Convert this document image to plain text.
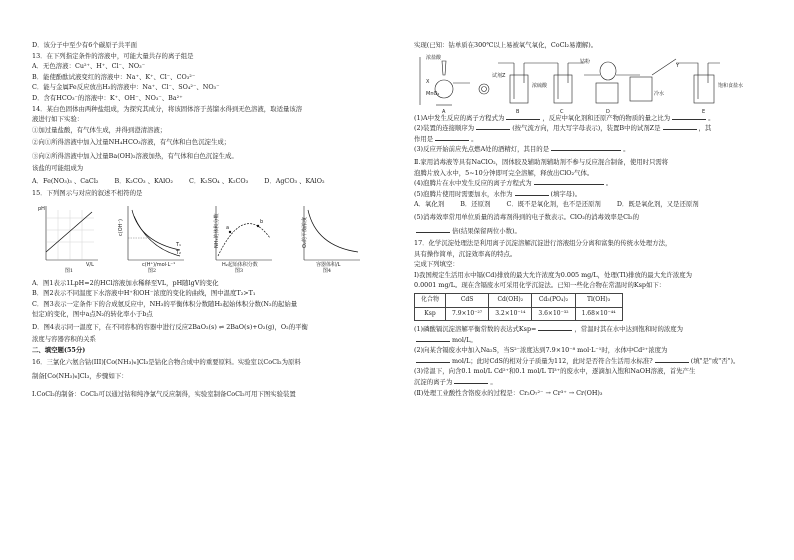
D．该分子中至少有6个碳原子共平面
13．在下列指定条件的溶液中，可能大量共存的离子组是
A．无色溶液：Cu²⁺、H⁺、Cl⁻、NO₃⁻
B．能使酚酞试液变红的溶液中：Na⁺、K⁺、Cl⁻、CO₃²⁻
C．能与金属Fe反应放出H₂的溶液中：Na⁺、Cl⁻、SO₄²⁻、NO₃⁻
D．含有HCO₃⁻的溶液中：K⁺、OH⁻、NO₃⁻、Ba²⁺
14．某白色固体由两种盐组成，为探究其成分，将该固体溶于蒸馏水得到无色溶液，取适量该溶
液进行如下实验：
①加过量盐酸，有气体生成，并得到澄清溶液；
②向①所得溶液中加入过量NH₄HCO₃溶液，有气体和白色沉淀生成；
③向②所得溶液中加入过量Ba(OH)₂溶液加热，有气体和白色沉淀生成。
该盐的可能组成为
A．Fe(NO₃)₃ 、CaCl₂	B．K₂CO₃ 、KAlO₂	C．K₂SO₄ 、K₂CO₃	D．AgCO₃ 、KAlO₂
15．下列图示与对应的叙述不相符的是
pH
V/L
图1
T₁
T₂
c(OH⁻)
c(H⁺)/mol·L⁻¹
图2
a
b
NH₃的体积分数
H₂起始体积分数
图3
O₂的平衡浓度
容器体积/L
图4
A．图1表示1LpH=2的HCl溶液加水稀释至VL，pH随lgV的变化
B．图2表示不同温度下水溶液中H⁺和OH⁻浓度的变化的曲线，图中温度T₂>T₁
C．图3表示一定条件下的合成氨反应中，NH₃的平衡体积分数随H₂起始体积分数(N₂的起始量
恒定)的变化，图中a点N₂的转化率小于b点
D．图4表示同一温度下，在不同容积的容器中进行反应2BaO₂(s) ⇌ 2BaO(s)+O₂(g)，O₂的平衡
浓度与容器容积的关系
二、填空题(55分)
16．三氯化六氨合钴(III)[Co(NH₃)₆]Cl₃是钴化合物合成中的重要原料。实验室以CoCl₂为原料
制备[Co(NH₃)₆]Cl₃，步骤如下：
Ⅰ.CoCl₂的制备：CoCl₂可以通过钴和纯净氯气反应制得，实验室制备CoCl₂可用下图实验装置
实现(已知：钴单质在300℃以上易被氧气氧化，CoCl₂易潮解)。
浓盐酸
X
MnO₂
试剂Z
浓硫酸
钴粉
Y
冷水
饱和食盐水
A	B	C	D	E
(1)A中发生反应的离子方程式为	，反应中氧化剂和还原产物的物质的量之比为	。
(2)装置的连接顺序为	(按气流方向，用大写字母表示)，装置B中的试剂Z是	，其
作用是	。
(3)反应开始前应先点燃A处的酒精灯，其目的是	。
Ⅱ.家用消毒液等具有NaClO₂，固体胶及辅助剂辅助剂不参与反应混合制备，使用时只需将
泡腾片放入水中，5~10分钟即可完全溶解，释放出ClO₂气体。
(4)泡腾片在水中发生反应的离子方程式为	。
(5)泡腾片使用时需要加水，水作为	(填字母)。
A．氧化剂	B．还原剂	C．既不是氧化剂，也不是还原剂	D．既是氧化剂，又是还原剂
(5)消毒效率常用单位质量的消毒剂得到的电子数表示。ClO₂的消毒效率是Cl₂的
倍(结果保留两位小数)。
17．化学沉淀处理法是利用离子沉淀溶解沉淀进行溶液组分分离和富集的传统水处理方法，
具有操作简单，沉淀效率高的特点。
完成下列填空：
Ⅰ)我国规定生活用水中镉(Cd)排放的最大允许浓度为0.005 mg/L，处理(Tl)排放的最大允许浓度为
0.0001 mg/L。现在含镉废水可采用化学沉淀法。已知一些化合物在常温时的Ksp如下：
化合物	CdS	Cd(OH)₂	Cd₃(PO₄)₂	Tl(OH)₃
Ksp	7.9×10⁻²⁷	3.2×10⁻¹⁴	3.6×10⁻³²	1.68×10⁻⁴⁴
(1)磷酸镉沉淀溶解平衡常数的表达式Ksp=	，常温时其在水中达到饱和时的浓度为
mol/L。
(2)向某含镉废水中加入Na₂S，当S²⁻浓度达到7.9×10⁻⁸ mol·L⁻¹时，水体中Cd²⁺浓度为
mol/L；此时CdS的相对分子质量为112，此时是否符合生活用水标准?	(填"是"或"否")。
(3)常温下，向含0.1 mol/L Cd²⁺和0.1 mol/L Tl³⁺的废水中，逐滴加入饱和NaOH溶液，首先产生
沉淀的离子为	。
(Ⅱ)处理工业酸性含铬废水的过程是：Cr₂O₇²⁻ → Cr³⁺ → Cr(OH)₃
